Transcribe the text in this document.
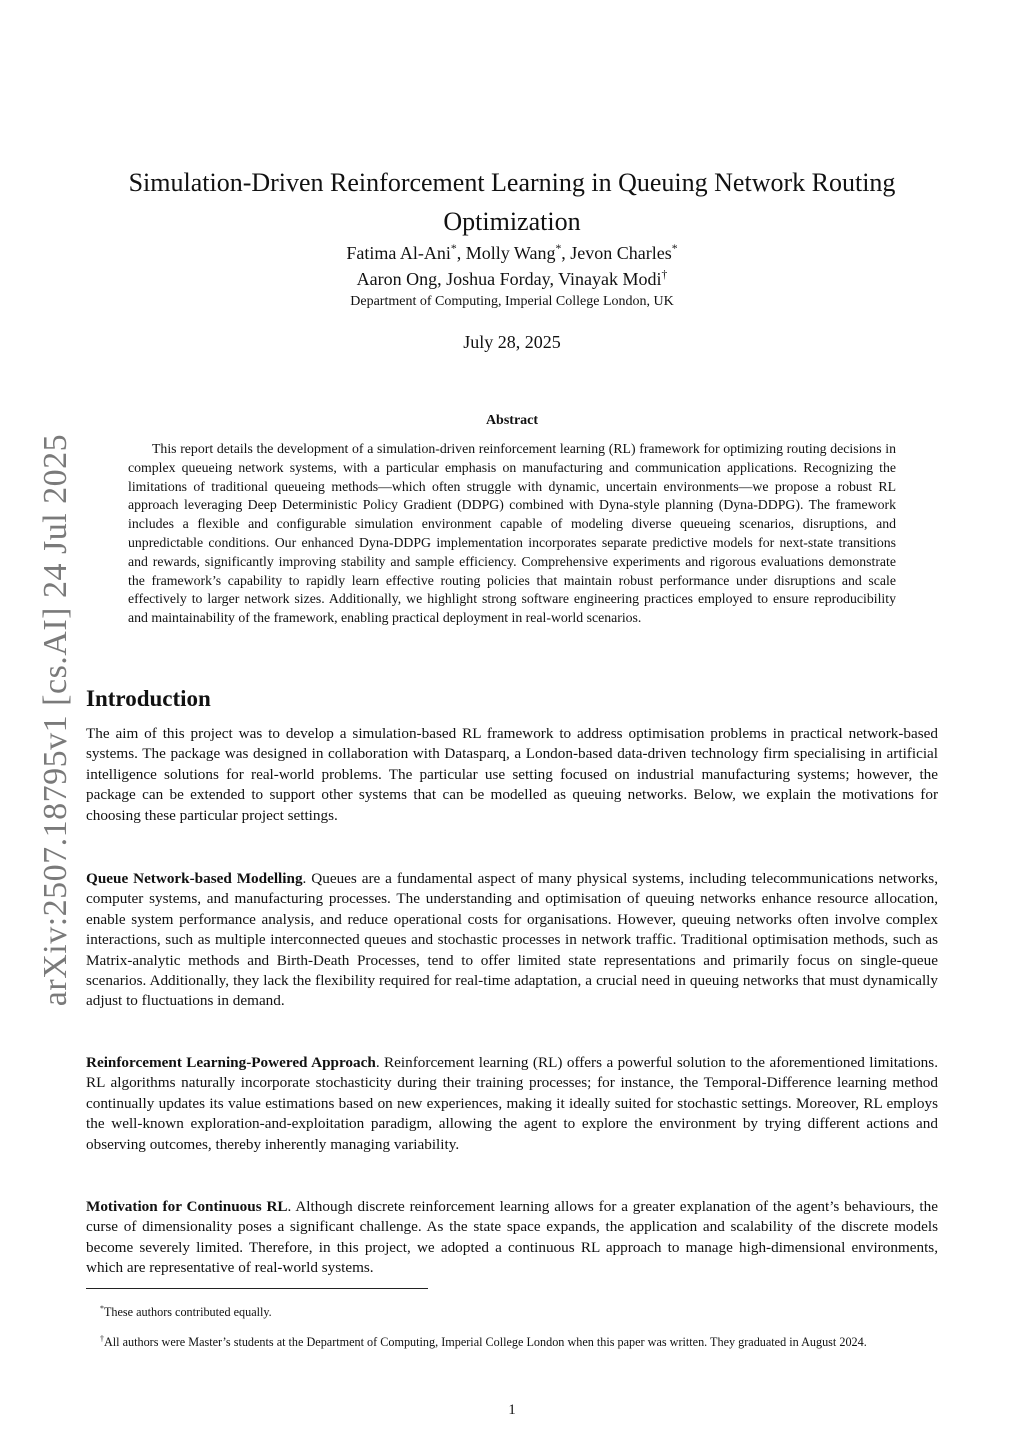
arXiv:2507.18795v1 [cs.AI] 24 Jul 2025
Simulation-Driven Reinforcement Learning in Queuing Network Routing Optimization
Fatima Al-Ani*, Molly Wang*, Jevon Charles*
Aaron Ong, Joshua Forday, Vinayak Modi†
Department of Computing, Imperial College London, UK
July 28, 2025
Abstract

This report details the development of a simulation-driven reinforcement learning (RL) framework for optimizing routing decisions in complex queueing network systems, with a particular emphasis on manufacturing and communication applications. Recognizing the limitations of traditional queueing methods—which often struggle with dynamic, uncertain environments—we propose a robust RL approach leveraging Deep Deterministic Policy Gradient (DDPG) combined with Dyna-style planning (Dyna-DDPG). The framework includes a flexible and configurable simulation environment capable of modeling diverse queueing scenarios, disruptions, and unpredictable conditions. Our enhanced Dyna-DDPG implementation incorporates separate predictive models for next-state transitions and rewards, significantly improving stability and sample efficiency. Comprehensive experiments and rigorous evaluations demonstrate the framework’s capability to rapidly learn effective routing policies that maintain robust performance under disruptions and scale effectively to larger network sizes. Additionally, we highlight strong software engineering practices employed to ensure reproducibility and maintainability of the framework, enabling practical deployment in real-world scenarios.

Introduction

The aim of this project was to develop a simulation-based RL framework to address optimisation problems in practical network-based systems. The package was designed in collaboration with Datasparq, a London-based data-driven technology firm specialising in artificial intelligence solutions for real-world problems. The particular use setting focused on industrial manufacturing systems; however, the package can be extended to support other systems that can be modelled as queuing networks. Below, we explain the motivations for choosing these particular project settings.

Queue Network-based Modelling. Queues are a fundamental aspect of many physical systems, including telecommunications networks, computer systems, and manufacturing processes. The understanding and optimisation of queuing networks enhance resource allocation, enable system performance analysis, and reduce operational costs for organisations. However, queuing networks often involve complex interactions, such as multiple interconnected queues and stochastic processes in network traffic. Traditional optimisation methods, such as Matrix-analytic methods and Birth-Death Processes, tend to offer limited state representations and primarily focus on single-queue scenarios. Additionally, they lack the flexibility required for real-time adaptation, a crucial need in queuing networks that must dynamically adjust to fluctuations in demand.

Reinforcement Learning-Powered Approach. Reinforcement learning (RL) offers a powerful solution to the aforementioned limitations. RL algorithms naturally incorporate stochasticity during their training processes; for instance, the Temporal-Difference learning method continually updates its value estimations based on new experiences, making it ideally suited for stochastic settings. Moreover, RL employs the well-known exploration-and-exploitation paradigm, allowing the agent to explore the environment by trying different actions and observing outcomes, thereby inherently managing variability.

Motivation for Continuous RL. Although discrete reinforcement learning allows for a greater explanation of the agent’s behaviours, the curse of dimensionality poses a significant challenge. As the state space expands, the application and scalability of the discrete models become severely limited. Therefore, in this project, we adopted a continuous RL approach to manage high-dimensional environments, which are representative of real-world systems.

*These authors contributed equally.

†All authors were Master’s students at the Department of Computing, Imperial College London when this paper was written. They graduated in August 2024.

1
